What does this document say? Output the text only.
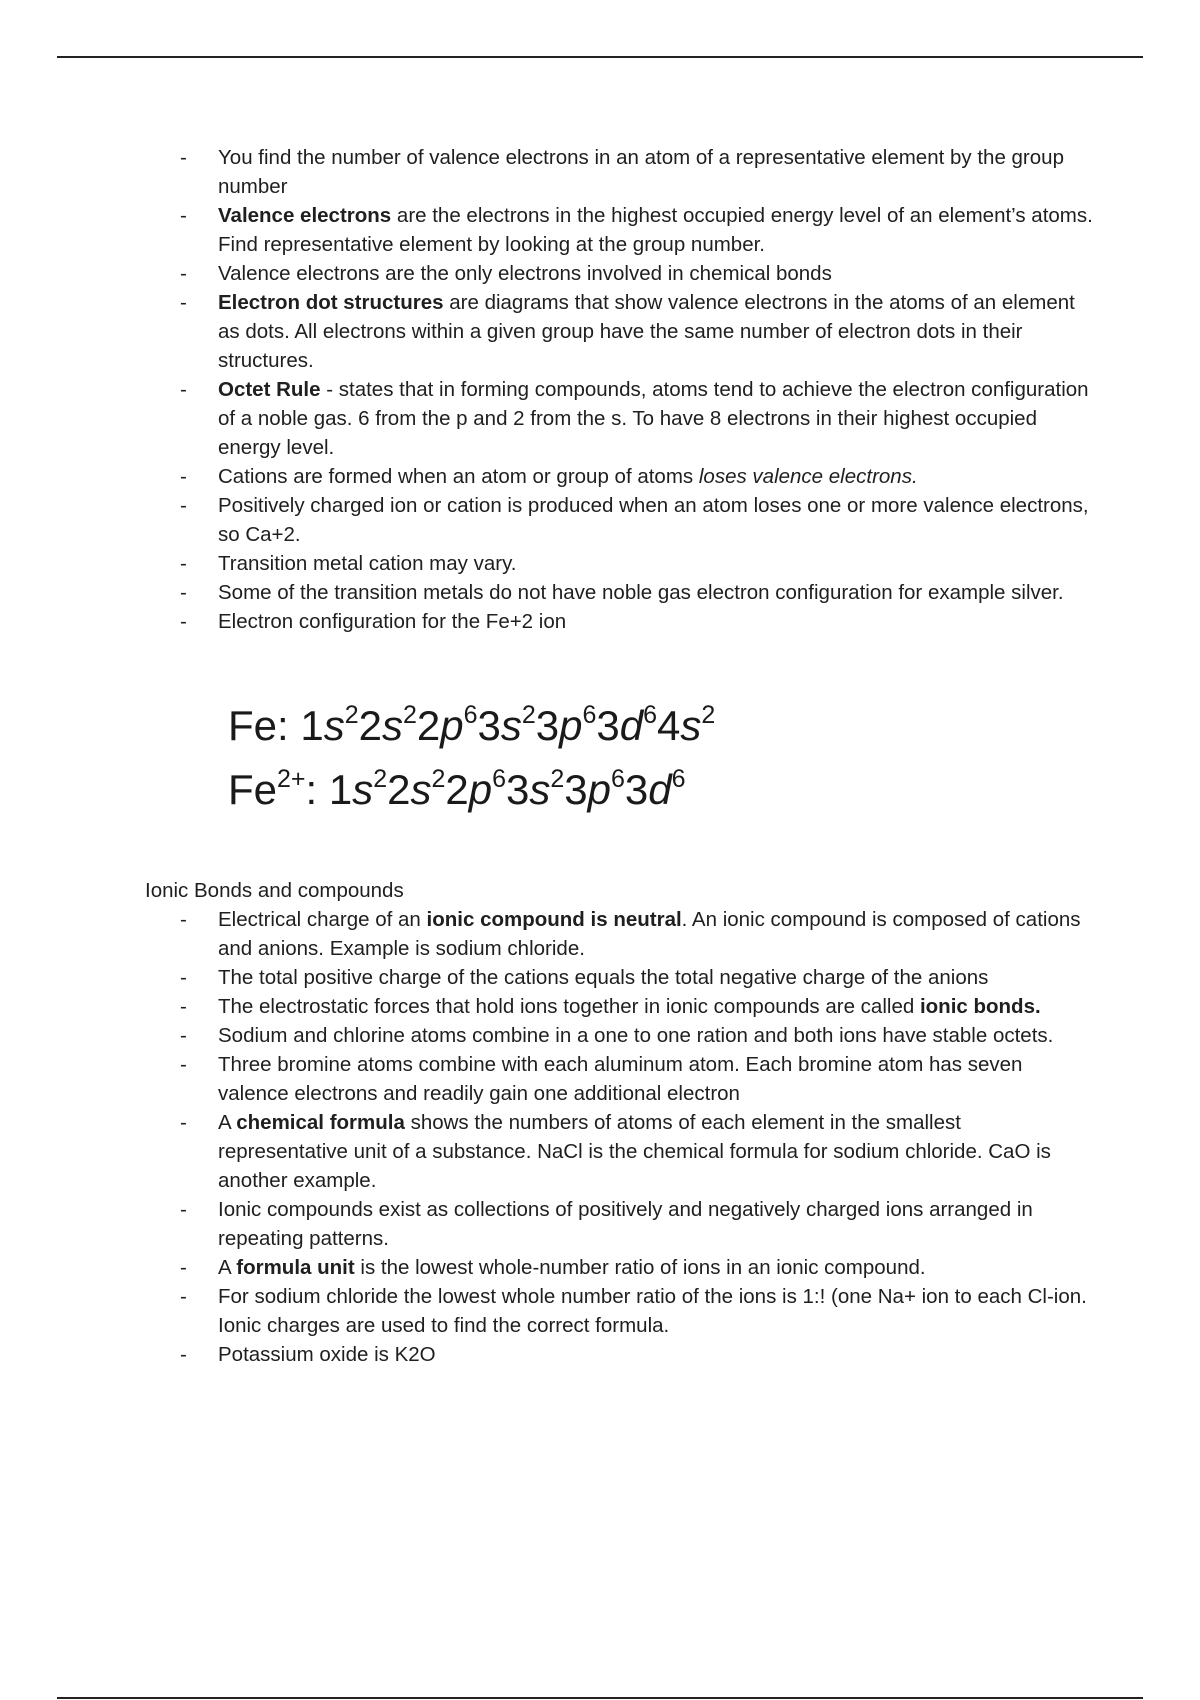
-	You find the number of valence electrons in an atom of a representative element by the group number
-	Valence electrons are the electrons in the highest occupied energy level of an element’s atoms. Find representative element by looking at the group number.
-	Valence electrons are the only electrons involved in chemical bonds
-	Electron dot structures are diagrams that show valence electrons in the atoms of an element as dots. All electrons within a given group have the same number of electron dots in their structures.
-	Octet Rule - states that in forming compounds, atoms tend to achieve the electron configuration of a noble gas. 6 from the p and 2 from the s. To have 8 electrons in their highest occupied energy level.
-	Cations are formed when an atom or group of atoms loses valence electrons.
-	Positively charged ion or cation is produced when an atom loses one or more valence electrons, so Ca+2.
-	Transition metal cation may vary.
-	Some of the transition metals do not have noble gas electron configuration for example silver.
-	Electron configuration for the Fe+2 ion
Fe: $1s^22s^22p^63s^23p^63d^64s^2$
$Fe^{2+}$: $1s^22s^22p^63s^23p^63d^6$
Ionic Bonds and compounds
-	Electrical charge of an ionic compound is neutral. An ionic compound is composed of cations and anions. Example is sodium chloride.
-	The total positive charge of the cations equals the total negative charge of the anions
-	The electrostatic forces that hold ions together in ionic compounds are called ionic bonds.
-	Sodium and chlorine atoms combine in a one to one ration and both ions have stable octets.
-	Three bromine atoms combine with each aluminum atom. Each bromine atom has seven valence electrons and readily gain one additional electron
-	A chemical formula shows the numbers of atoms of each element in the smallest representative unit of a substance. NaCl is the chemical formula for sodium chloride. CaO is another example.
-	Ionic compounds exist as collections of positively and negatively charged ions arranged in repeating patterns.
-	A formula unit is the lowest whole-number ratio of ions in an ionic compound.
-	For sodium chloride the lowest whole number ratio of the ions is 1:! (one Na+ ion to each Cl-ion. Ionic charges are used to find the correct formula.
-	Potassium oxide is K2O
